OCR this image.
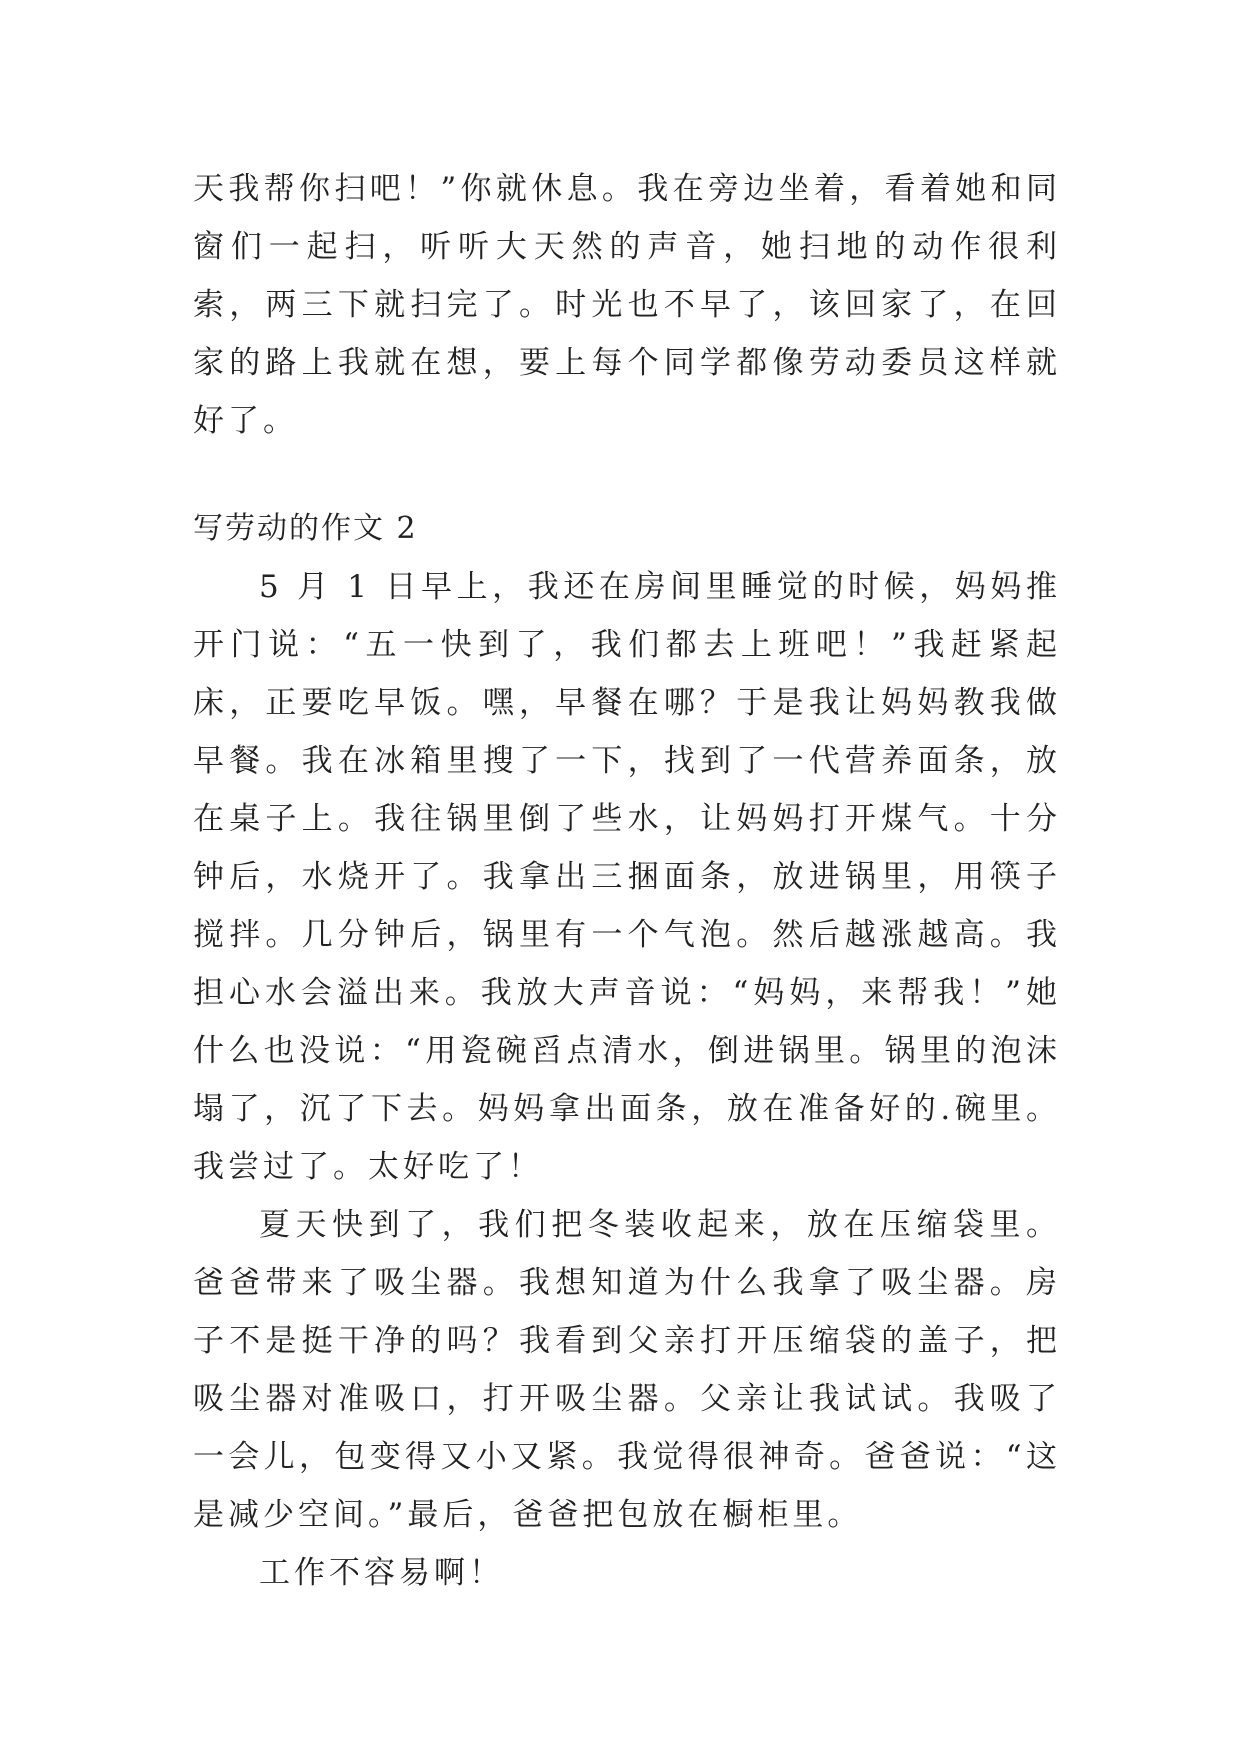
天我帮你扫吧！”你就休息。我在旁边坐着，看着她和同窗们一起扫，听听大天然的声音，她扫地的动作很利索，两三下就扫完了。时光也不早了，该回家了，在回家的路上我就在想，要上每个同学都像劳动委员这样就好了。

写劳动的作文 2

5 月 1 日早上，我还在房间里睡觉的时候，妈妈推开门说：“五一快到了，我们都去上班吧！”我赶紧起床，正要吃早饭。嘿，早餐在哪？于是我让妈妈教我做早餐。我在冰箱里搜了一下，找到了一代营养面条，放在桌子上。我往锅里倒了些水，让妈妈打开煤气。十分钟后，水烧开了。我拿出三捆面条，放进锅里，用筷子搅拌。几分钟后，锅里有一个气泡。然后越涨越高。我担心水会溢出来。我放大声音说：“妈妈，来帮我！”她什么也没说：“用瓷碗舀点清水，倒进锅里。锅里的泡沫塌了，沉了下去。妈妈拿出面条，放在准备好的.碗里。我尝过了。太好吃了！

夏天快到了，我们把冬装收起来，放在压缩袋里。爸爸带来了吸尘器。我想知道为什么我拿了吸尘器。房子不是挺干净的吗？我看到父亲打开压缩袋的盖子，把吸尘器对准吸口，打开吸尘器。父亲让我试试。我吸了一会儿，包变得又小又紧。我觉得很神奇。爸爸说：“这是减少空间。”最后，爸爸把包放在橱柜里。

工作不容易啊！
